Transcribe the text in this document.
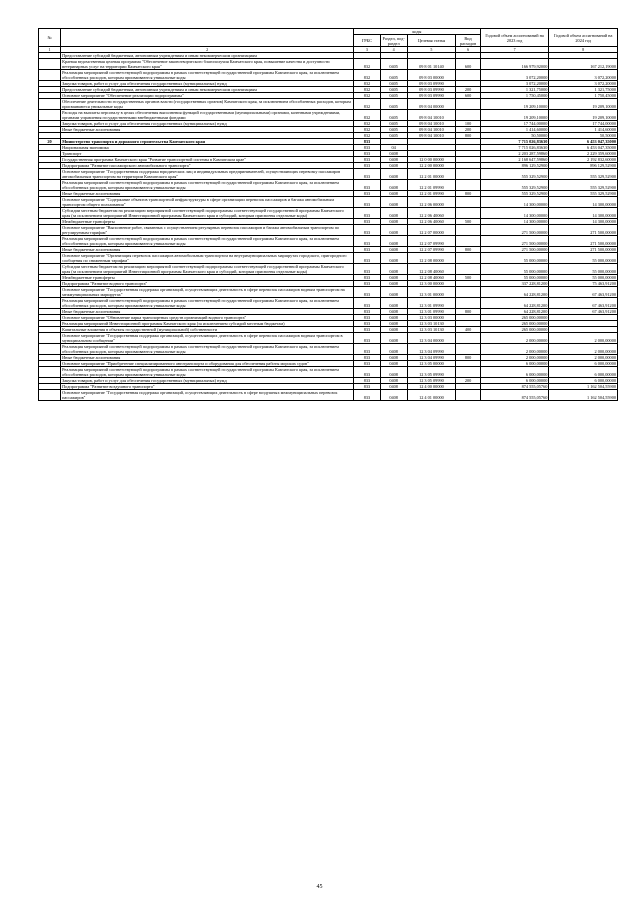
№		коды				Годовой объем ассигнований на 2023 год	Годовой объем ассигнований на 2024 год
		ГРБС	Раздел, под- раздел	Целевая статья	Вид расходов		
1	2	3	4	5	6	7	8
	Предоставление субсидий бюджетным, автономным учреждениям и иным некоммерческим организациям						
	Краевая ведомственная целевая программа "Обеспечение законотворческого благополучия Камчатского края, повышение качества и доступности ветеринарных услуг на территории Камчатского края"	832	0405	09 8 01 10140	600	166 979,92000	167 212,19000
	Реализация мероприятий соответствующей подпрограммы в рамках соответствующей государственной программы Камчатского края, за исключением обособленных расходов, которым присваиваются уникальные коды	832	0405	09 8 03 00000		3 072,20000	3 072,20000
	Закупка товаров, работ и услуг для обеспечения государственных (муниципальных) нужд	832	0405	09 8 03 09990		3 072,20000	3 072,20000
	Предоставление субсидий бюджетным, автономным учреждениям и иным некоммерческим организациям	832	0405	09 8 03 09990	200	1 321,75000	1 321,75000
	Основное мероприятие "Обеспечение реализации подпрограммы"	832	0405	09 8 03 09990	600	1 750,45000	1 750,45000
	Обеспечение деятельности государственных органов власти (государственных органов) Камчатского края, за исключением обособленных расходов, которым присваиваются уникальные коды	832	0405	09 8 04 00000		19 209,10000	19 209,10000
	Расходы на выплаты персоналу в целях обеспечения выполнения функций государственными (муниципальными) органами, казенными учреждениями, органами управления государственными внебюджетными фондами	832	0405	09 8 04 10010		19 209,10000	19 209,10000
	Закупка товаров, работ и услуг для обеспечения государственных (муниципальных) нужд	832	0405	09 8 04 10010	100	17 744,00000	17 744,00000
	Иные бюджетные ассигнования	832	0405	09 8 04 10010	200	1 414,60000	1 414,60000
		832	0405	09 8 04 10010	800	50,50000	50,50000
20	Министерство транспорта и дорожного строительства Камчатского края	833				7 715 026,83630	6 453 047,35000
	Национальная экономика	833	04			7 715 026,83630	6 453 047,35000
	Транспорт	833	0408			2 203 287,59860	2 229 359,60000
	Государственная программа Камчатского края "Развитие транспортной системы в Камчатском крае"	833	0408	12 0 00 00000		2 168 647,59860	2 192 832,60000
	Подпрограмма "Развитие пассажирского автомобильного транспорта"	833	0408	12 2 00 00000		896 129,52900	896 129,52900
	Основное мероприятие "Государственная поддержка юридических лиц и индивидуальных предпринимателей, осуществляющих перевозку пассажиров автомобильным транспортом на территории Камчатского края"	833	0408	12 2 01 00000		555 329,52900	555 329,52900
	Реализация мероприятий соответствующей подпрограммы в рамках соответствующей государственной программы Камчатского края, за исключением обособленных расходов, которым присваиваются уникальные коды	833	0408	12 2 01 09990		555 329,52900	555 329,52900
	Иные бюджетные ассигнования	833	0408	12 2 01 09990	800	555 329,52900	555 329,52900
	Основное мероприятие "Содержание объектов транспортной инфраструктуры в сфере организации перевозок пассажиров и багажа автомобильным транспортом общего пользования"	833	0408	12 2 06 00000		14 300,00000	14 300,00000
	Субсидии местным бюджетам на реализацию мероприятий соответствующей подпрограммы соответствующей государственной программы Камчатского края (за исключением мероприятий Инвестиционной программы Камчатского края и субсидий, которым присвоены отдельные коды)	833	0408	12 2 06 40060		14 300,00000	14 300,00000
	Межбюджетные трансферты	833	0408	12 2 06 40060	500	14 300,00000	14 300,00000
	Основное мероприятие "Выполнение работ, связанных с осуществлением регулярных перевозок пассажиров и багажа автомобильным транспортом по регулируемым тарифам"	833	0408	12 2 07 00000		271 500,00000	271 500,00000
	Реализация мероприятий соответствующей подпрограммы в рамках соответствующей государственной программы Камчатского края, за исключением обособленных расходов, которым присваиваются уникальные коды	833	0408	12 2 07 09990		271 500,00000	271 500,00000
	Иные бюджетные ассигнования	833	0408	12 2 07 09990	800	271 500,00000	271 500,00000
	Основное мероприятие "Организация перевозок пассажиров автомобильным транспортом на внутримуниципальных маршрутах городского, пригородного сообщения по сниженным тарифам"	833	0408	12 2 08 00000		55 000,00000	55 000,00000
	Субсидии местным бюджетам на реализацию мероприятий соответствующей подпрограммы соответствующей государственной программы Камчатского края (за исключением мероприятий Инвестиционной программы Камчатского края и субсидий, которым присвоены отдельные коды)	833	0408	12 2 08 40060		55 000,00000	55 000,00000
	Межбюджетные трансферты	833	0408	12 2 08 40060	500	55 000,00000	55 000,00000
	Подпрограмма "Развитие водного транспорта"	833	0408	12 3 00 00000		337 228,81200	75 463,91200
	Основное мероприятие "Государственная поддержка организаций, осуществляющих деятельность в сфере перевозок пассажиров водным транспортом на межмуниципальных маршрутах"	833	0408	12 3 01 00000		64 228,81200	67 463,91200
	Реализация мероприятий соответствующей подпрограммы в рамках соответствующей государственной программы Камчатского края, за исключением обособленных расходов, которым присваиваются уникальные коды	833	0408	12 3 01 09990		64 228,81200	67 463,91200
	Иные бюджетные ассигнования	833	0408	12 3 01 09990	800	64 228,81200	67 463,91200
	Основное мероприятие "Обновление парка транспортных средств организаций водного транспорта"	833	0408	12 3 03 00000		265 000,00000	
	Реализация мероприятий Инвестиционной программы Камчатского края (за исключением субсидий местным бюджетам)	833	0408	12 3 03 10130		265 000,00000	
	Капитальные вложения в объекты государственной (муниципальной) собственности	833	0408	12 3 03 10130	400	265 000,00000	
	Основное мероприятие "Государственная поддержка организаций, осуществляющих деятельность в сфере перевозок пассажиров водным транспортом в муниципальном сообщении"	833	0408	12 3 04 00000		2 000,00000	2 000,00000
	Реализация мероприятий соответствующей подпрограммы в рамках соответствующей государственной программы Камчатского края, за исключением обособленных расходов, которым присваиваются уникальные коды	833	0408	12 3 04 09990		2 000,00000	2 000,00000
	Иные бюджетные ассигнования	833	0408	12 3 04 09990	800	2 000,00000	2 000,00000
	Основное мероприятие "Приобретение специализированного автотранспорта и оборудования для обеспечения работы морских судов"	833	0408	12 3 05 00000		6 000,00000	6 000,00000
	Реализация мероприятий соответствующей подпрограммы в рамках соответствующей государственной программы Камчатского края, за исключением обособленных расходов, которым присваиваются уникальные коды	833	0408	12 3 05 09990		6 000,00000	6 000,00000
	Закупка товаров, работ и услуг для обеспечения государственных (муниципальных) нужд	833	0408	12 3 05 09990	200	6 000,00000	6 000,00000
	Подпрограмма "Развитие воздушного транспорта"	833	0408	12 4 00 00000		874 555,05760	1 162 504,55900
	Основное мероприятие "Государственная поддержка организаций, осуществляющих деятельность в сфере воздушных межмуниципальных перевозок пассажиров"	833	0408	12 4 01 00000		874 555,05760	1 162 504,55900
45
